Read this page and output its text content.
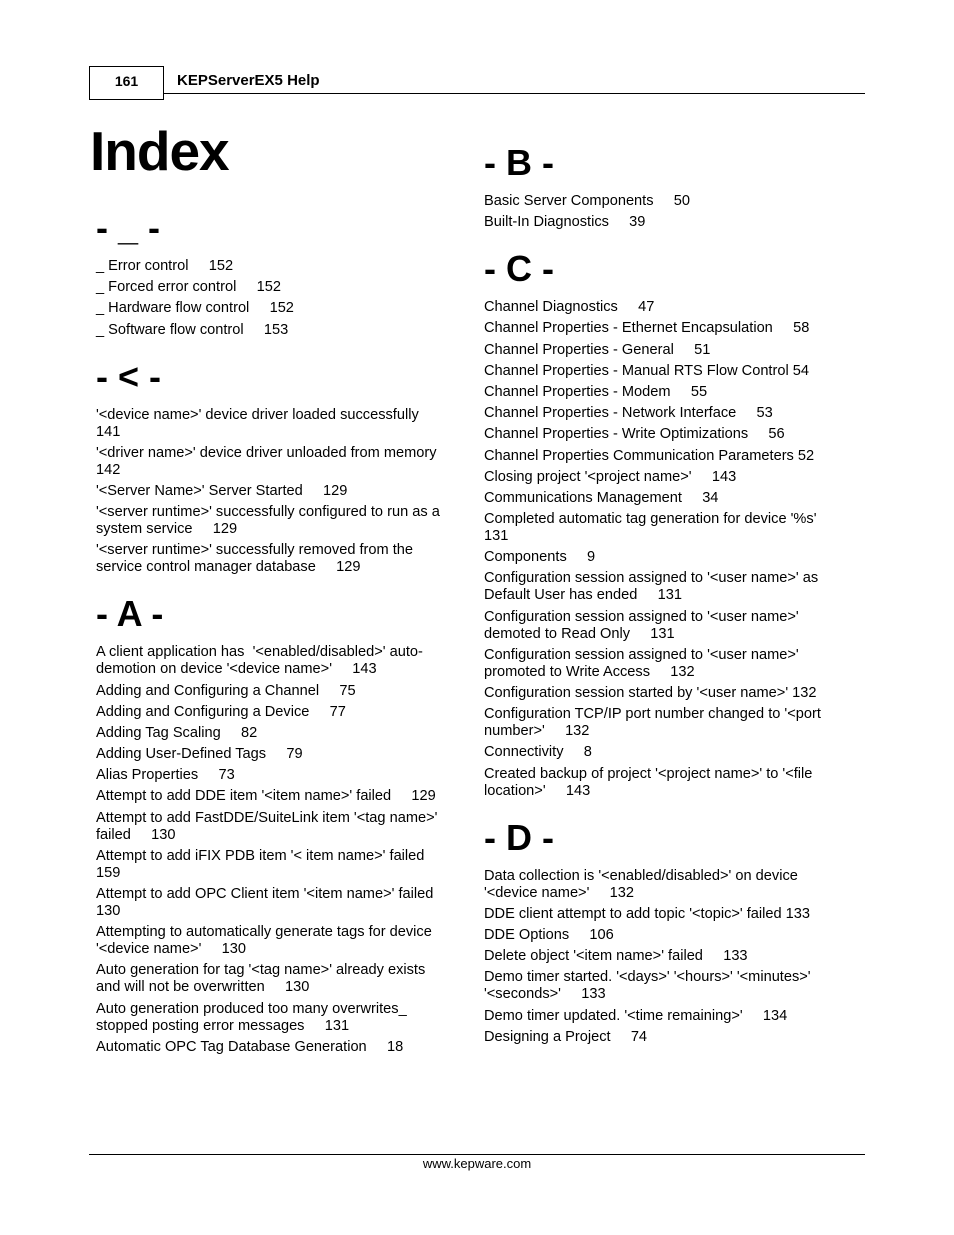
161	KEPServerEX5 Help
Index
- _ -
_ Error control     152
_ Forced error control     152
_ Hardware flow control     152
_ Software flow control     153
- < -
'<device name>' device driver loaded successfully     141
'<driver name>' device driver unloaded from memory     142
'<Server Name>' Server Started     129
'<server runtime>' successfully configured to run as a system service     129
'<server runtime>' successfully removed from the service control manager database     129
- A -
A client application has  '<enabled/disabled>' auto-demotion on device '<device name>'     143
Adding and Configuring a Channel     75
Adding and Configuring a Device     77
Adding Tag Scaling     82
Adding User-Defined Tags     79
Alias Properties     73
Attempt to add DDE item '<item name>' failed     129
Attempt to add FastDDE/SuiteLink item '<tag name>' failed     130
Attempt to add iFIX PDB item '< item name>' failed     159
Attempt to add OPC Client item '<item name>' failed     130
Attempting to automatically generate tags for device '<device name>'     130
Auto generation for tag '<tag name>' already exists and will not be overwritten     130
Auto generation produced too many overwrites_ stopped posting error messages     131
Automatic OPC Tag Database Generation     18
- B -
Basic Server Components     50
Built-In Diagnostics     39
- C -
Channel Diagnostics     47
Channel Properties - Ethernet Encapsulation     58
Channel Properties - General     51
Channel Properties - Manual RTS Flow Control 54
Channel Properties - Modem     55
Channel Properties - Network Interface     53
Channel Properties - Write Optimizations     56
Channel Properties Communication Parameters 52
Closing project '<project name>'     143
Communications Management     34
Completed automatic tag generation for device '%s'     131
Components     9
Configuration session assigned to '<user name>' as Default User has ended     131
Configuration session assigned to '<user name>' demoted to Read Only     131
Configuration session assigned to '<user name>' promoted to Write Access     132
Configuration session started by '<user name>' 132
Configuration TCP/IP port number changed to '<port number>'     132
Connectivity     8
Created backup of project '<project name>' to '<file location>'     143
- D -
Data collection is '<enabled/disabled>' on device '<device name>'     132
DDE client attempt to add topic '<topic>' failed 133
DDE Options     106
Delete object '<item name>' failed     133
Demo timer started. '<days>' '<hours>' '<minutes>' '<seconds>'     133
Demo timer updated. '<time remaining>'     134
Designing a Project     74
www.kepware.com
